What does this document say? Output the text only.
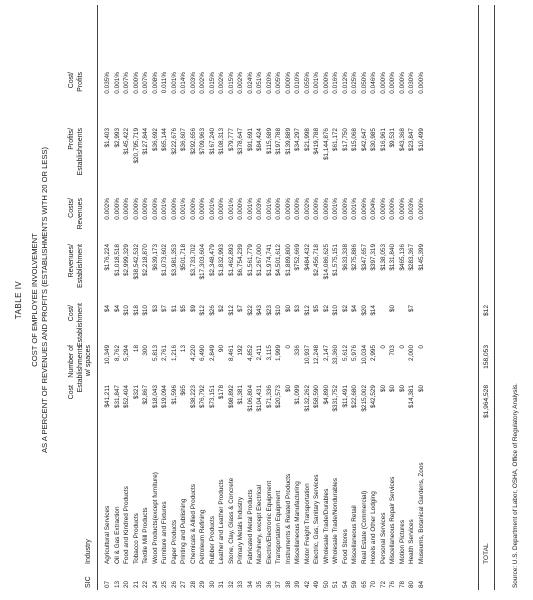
TABLE IV COST OF EMPLOYEE INVOLVEMENT AS A PERCENT OF REVENUES AND PROFITS (ESTABLISHMENTS WITH 20 OR LESS)
SIC
Industry
Cost
Number of Establishments w/ spaces
Cost/ Establishment
Revenues/ Establishment
Costs/ Revenues
Profits/ Establishments
Cost/ Profits
07
Agricultural Services
$41,211
10,349
$4
$176,224
0.002%
$1,403
0.035%
13
Oil & Gas Extraction
$31,847
8,762
$4
$1,018,518
0.000%
$2,993
0.001%
20
Food and Kindred Products
$52,404
5,294
$10
$2,999,329
0.000%
$145,422
0.007%
21
Tobacco Products
$321
18
$18
$38,542,532
0.000%
$20,795,719
0.000%
22
Textile Mill Products
$2,867
300
$10
$2,218,870
0.000%
$127,844
0.007%
24
Wood Products(except furniture)
$18,043
5,813
$3
$639,173
0.000%
$36,692
0.008%
25
Furniture and Fixtures
$19,094
2,761
$7
$1,073,602
0.001%
$65,144
0.011%
26
Paper Products
$1,596
1,216
$1
$3,981,353
0.000%
$222,676
0.001%
27
Printing and Publishing
$65
13
$5
$501,718
0.001%
$36,607
0.014%
28
Chemicals & Allied Products
$38,223
4,220
$9
$3,733,702
0.000%
$292,656
0.003%
29
Petroleum Refining
$76,792
6,490
$12
$17,303,604
0.000%
$709,963
0.002%
30
Rubber Products
$73,151
2,849
$26
$2,348,479
0.001%
$167,240
0.015%
31
Leather and Leather Products
$178
90
$2
$1,832,993
0.000%
$108,313
0.002%
32
Stone, Clay, Glass & Concrete
$98,892
8,461
$12
$1,462,893
0.001%
$79,777
0.015%
33
Primary Metals Industry
$1,381
192
$7
$6,754,239
0.000%
$378,647
0.002%
34
Fabricated Metal Products
$106,804
4,852
$22
$1,561,779
0.001%
$91,691
0.024%
35
Machinery, except Electrical
$104,431
2,411
$43
$1,267,000
0.003%
$84,424
0.051%
36
Electric/Electronic Equipment
$71,336
3,115
$23
$1,974,741
0.001%
$115,689
0.020%
37
Transportation Equipment
$20,573
1,999
$10
$4,501,612
0.000%
$197,788
0.005%
38
Instruments & Related Products
$0
0
$0
$1,889,800
0.000%
$139,889
0.000%
39
Miscellaneous Manufacturing
$1,099
336
$3
$752,669
0.000%
$34,297
0.010%
42
Motor Freight Transportation
$132,262
10,937
$12
$484,432
0.002%
$21,998
0.055%
49
Electric, Gas, Sanitary Services
$58,590
12,248
$5
$2,456,718
0.000%
$419,788
0.001%
50
Wholesale Trade/Durables
$4,890
2,147
$2
$14,086,625
0.000%
$1,144,876
0.000%
51
Wholesale Trade/Nondurables
$331,752
33,360
$10
$1,575,151
0.001%
$61,172
0.016%
54
Food Stores
$11,491
5,612
$2
$633,338
0.000%
$17,750
0.012%
59
Miscellaneous Retail
$22,680
5,976
$4
$275,886
0.001%
$15,068
0.025%
65
Real Estate (Commercial)
$215,002
10,034
$20
$347,657
0.006%
$42,647
0.050%
70
Hotels and Other Lodging
$42,529
2,995
$14
$397,319
0.004%
$30,985
0.046%
72
Personal Services
$0
0
$138,053
0.000%
$16,961
0.000%
76
Miscellaneous Repair Services
$0
703
$0
$131,840
0.000%
$9,531
0.000%
78
Motion Pictures
$0
0
$465,136
0.000%
$43,368
0.000%
80
Health Services
$14,381
2,000
$7
$283,367
0.003%
$23,847
0.030%
84
Museums, Botanical Gardens, Zoos
$0
0
$145,399
0.000%
$10,499
0.000%
TOTAL
$1,964,528
158,053
$12
Source: U.S. Department of Labor, OSHA, Office of Regulatory Analysis.
